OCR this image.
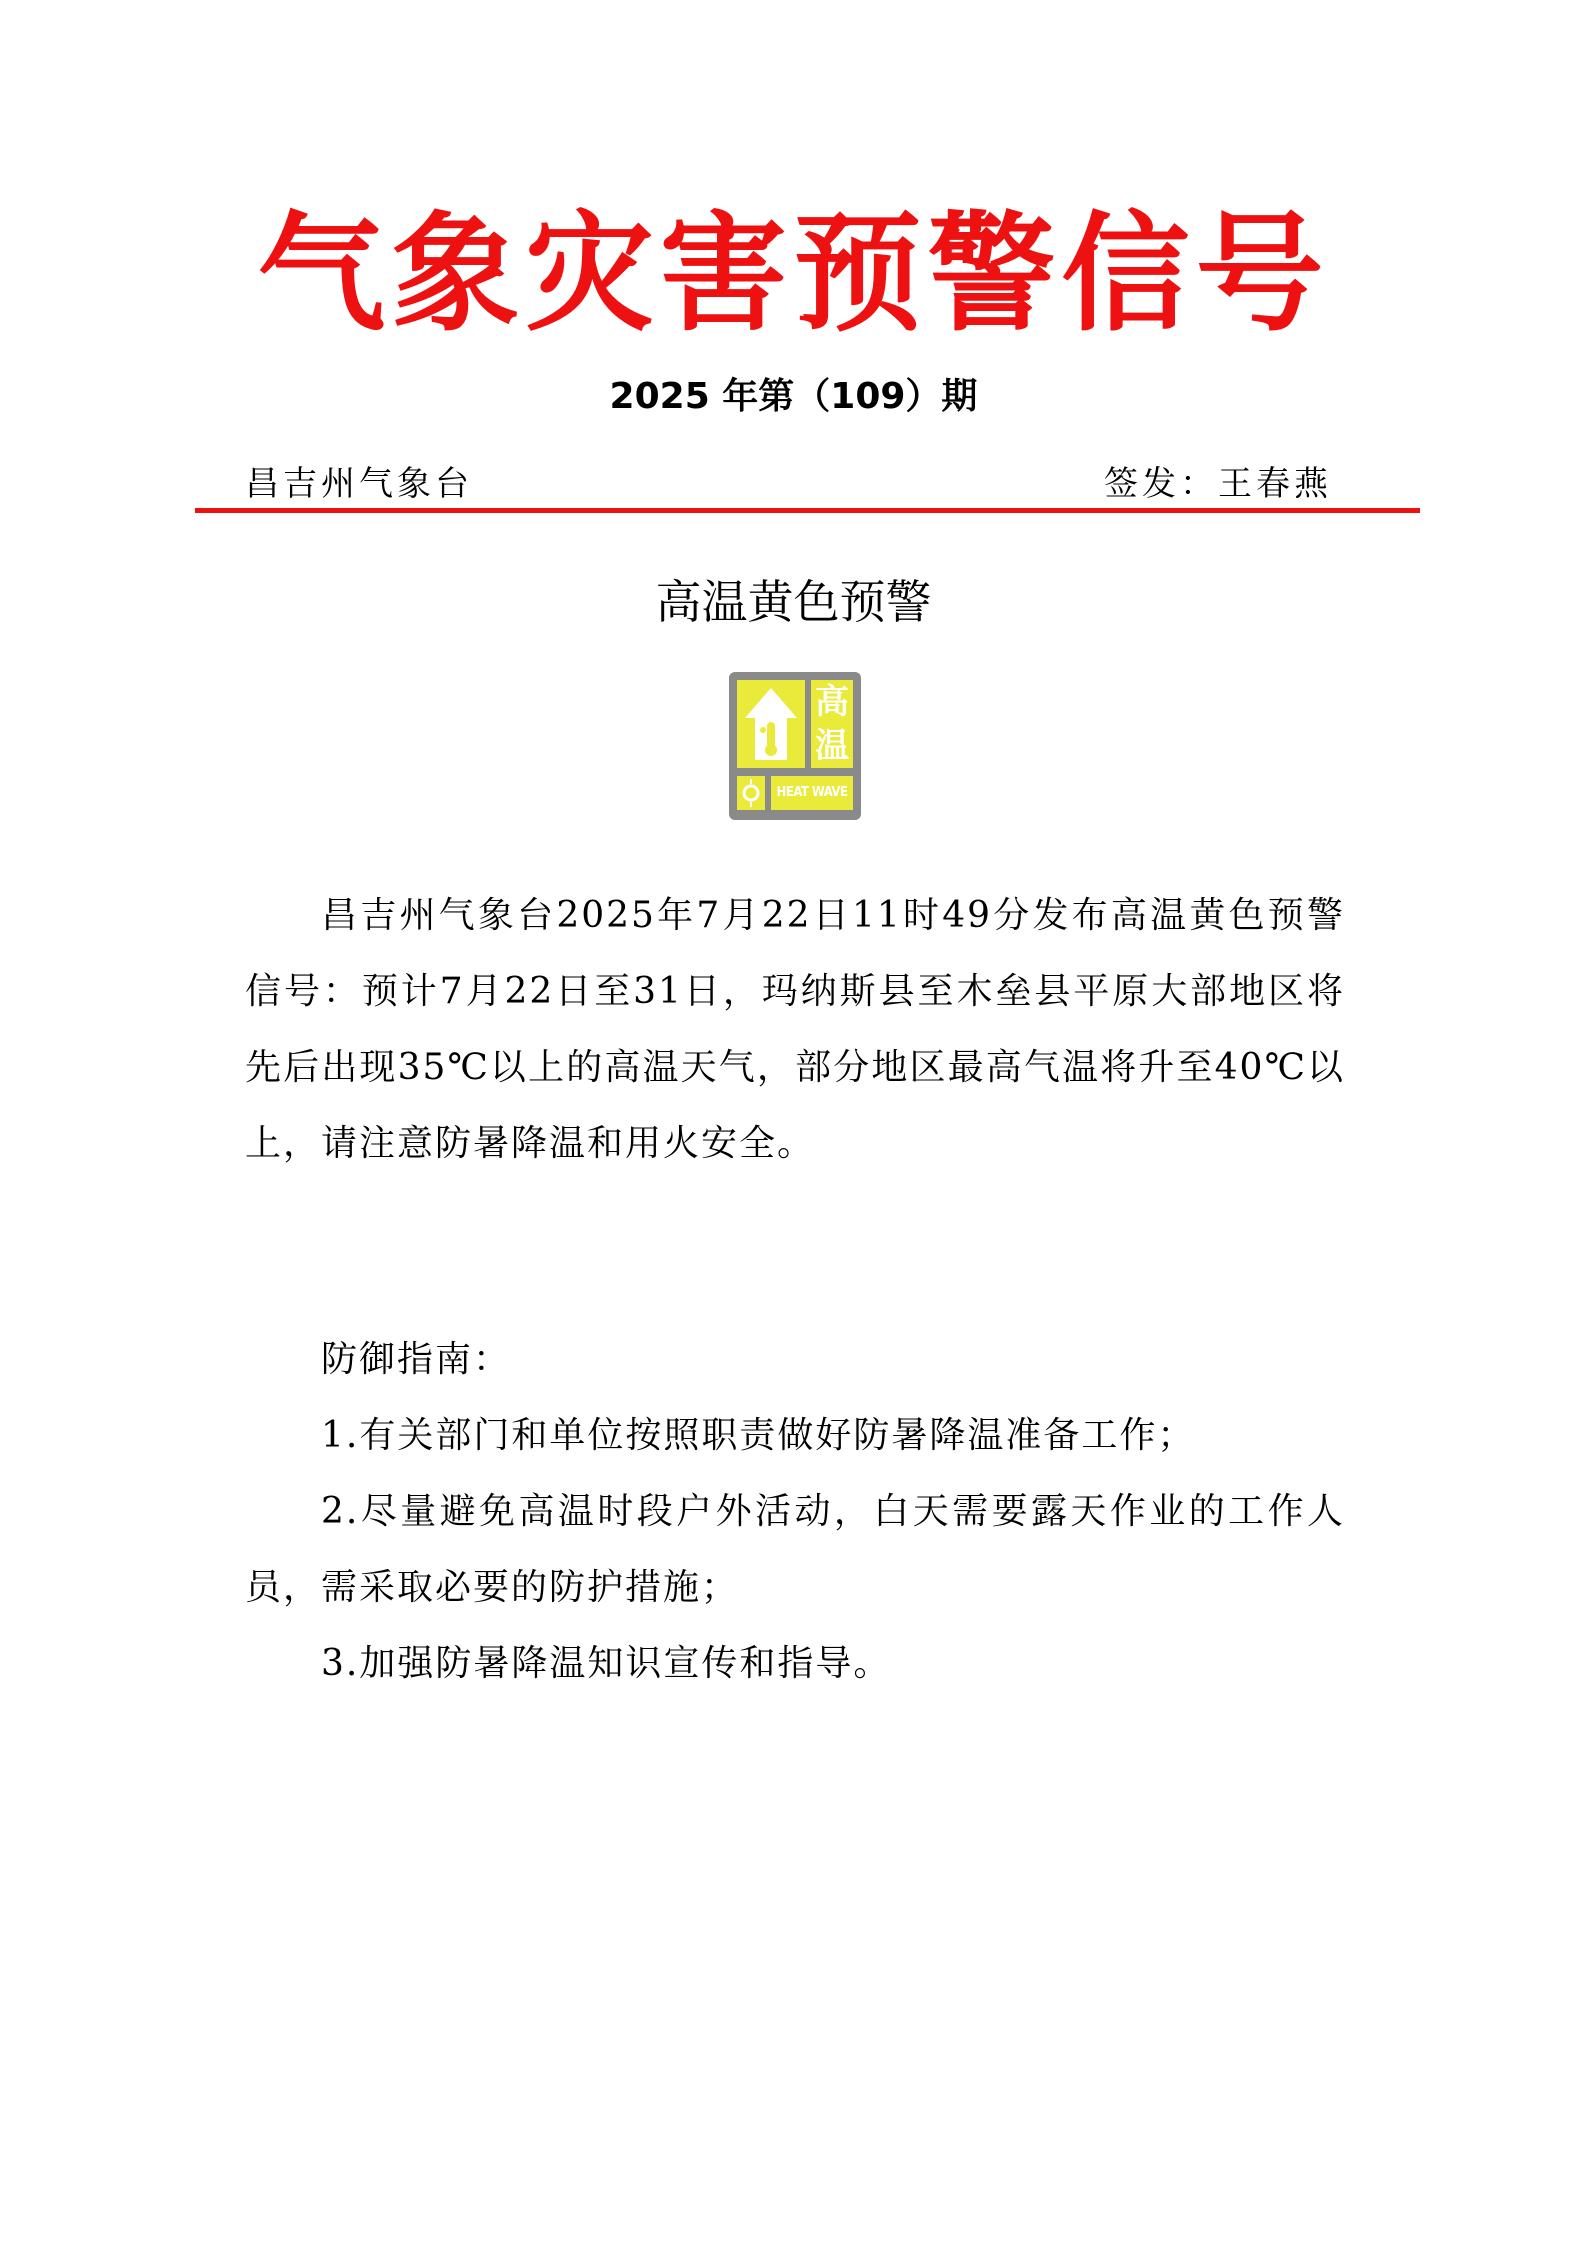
气象灾害预警信号
2025 年第（109）期
昌吉州气象台	签发：王春燕
高温黄色预警
高
温
HEAT WAVE

昌吉州气象台2025年7月22日11时49分发布高温黄色预警信号：预计7月22日至31日，玛纳斯县至木垒县平原大部地区将先后出现35℃以上的高温天气，部分地区最高气温将升至40℃以上，请注意防暑降温和用火安全。

防御指南：

1.有关部门和单位按照职责做好防暑降温准备工作；
2.尽量避免高温时段户外活动，白天需要露天作业的工作人员，需采取必要的防护措施；
3.加强防暑降温知识宣传和指导。
